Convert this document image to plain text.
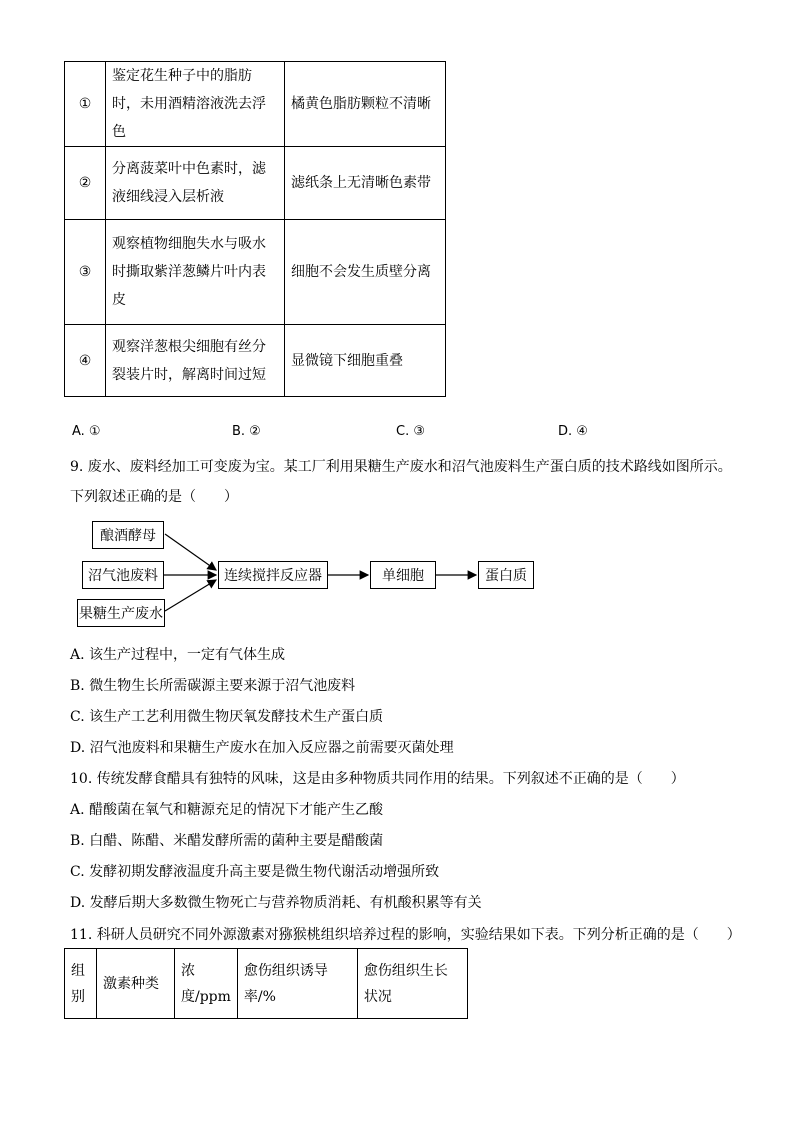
①	鉴定花生种子中的脂肪时，未用酒精溶液洗去浮色	橘黄色脂肪颗粒不清晰
②	分离菠菜叶中色素时，滤液细线浸入层析液	滤纸条上无清晰色素带
③	观察植物细胞失水与吸水时撕取紫洋葱鳞片叶内表皮	细胞不会发生质壁分离
④	观察洋葱根尖细胞有丝分裂装片时，解离时间过短	显微镜下细胞重叠
A. ①	B. ②	C. ③	D. ④
9. 废水、废料经加工可变废为宝。某工厂利用果糖生产废水和沼气池废料生产蛋白质的技术路线如图所示。
下列叙述正确的是（　　）
酿酒酵母
沼气池废料
果糖生产废水
连续搅拌反应器	单细胞	蛋白质
A. 该生产过程中，一定有气体生成
B. 微生物生长所需碳源主要来源于沼气池废料
C. 该生产工艺利用微生物厌氧发酵技术生产蛋白质
D. 沼气池废料和果糖生产废水在加入反应器之前需要灭菌处理
10. 传统发酵食醋具有独特的风味，这是由多种物质共同作用的结果。下列叙述不正确的是（　　）
A. 醋酸菌在氧气和糖源充足的情况下才能产生乙酸
B. 白醋、陈醋、米醋发酵所需的菌种主要是醋酸菌
C. 发酵初期发酵液温度升高主要是微生物代谢活动增强所致
D. 发酵后期大多数微生物死亡与营养物质消耗、有机酸积累等有关
11. 科研人员研究不同外源激素对猕猴桃组织培养过程的影响，实验结果如下表。下列分析正确的是（　　）
组别	激素种类	浓度/ppm	愈伤组织诱导率/%	愈伤组织生长状况
